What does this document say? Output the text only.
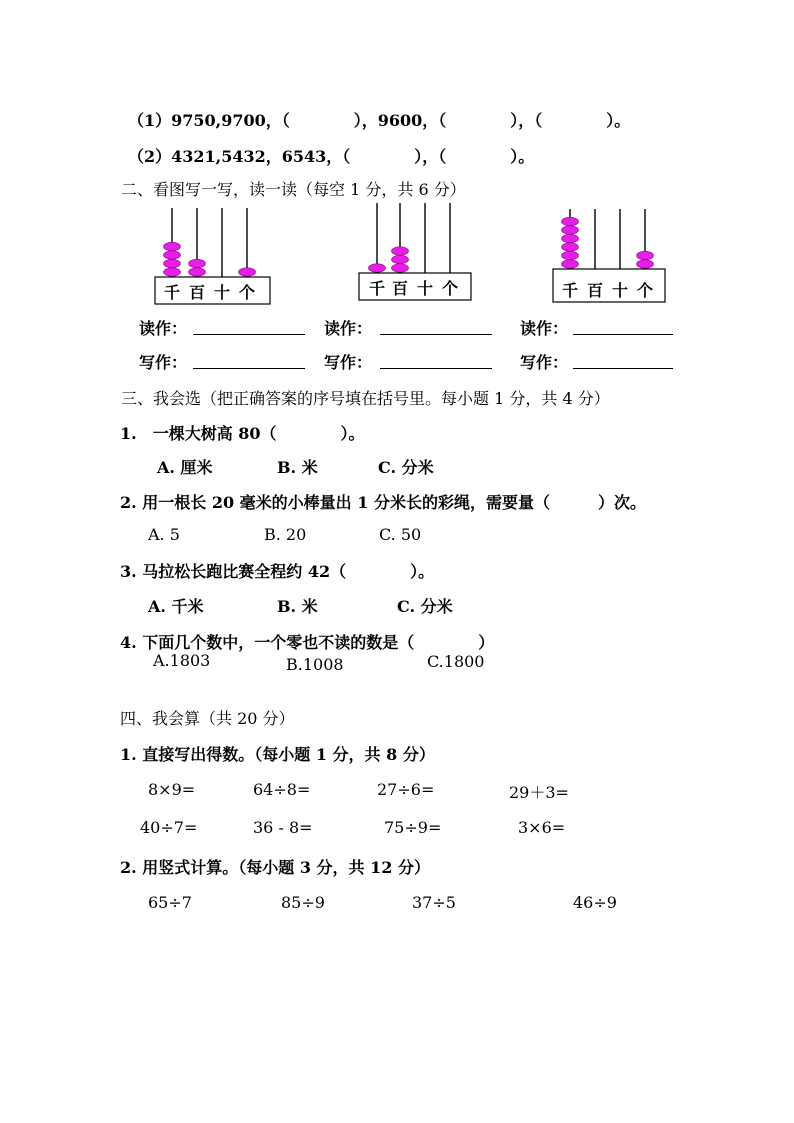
（1）9750,9700，（　　　　），9600，（　　　　），（　　　　）。
（2）4321,5432，6543，（　　　　），（　　　　）。
二、看图写一写，读一读（每空 1 分，共 6 分）
千 百 十 个	千 百 十 个	千 百 十 个
读作：	读作：	读作：
写作：	写作：	写作：
三、我会选（把正确答案的序号填在括号里。每小题 1 分，共 4 分）
1.　一棵大树高 80（　　　　）。
A. 厘米	B. 米	C. 分米
2. 用一根长 20 毫米的小棒量出 1 分米长的彩绳，需要量（　　　）次。
A. 5	B. 20	C. 50
3. 马拉松长跑比赛全程约 42（　　　　）。
A. 千米	B. 米	C. 分米
4. 下面几个数中，一个零也不读的数是（　　　　）
A.1803	B.1008	C.1800
四、我会算（共 20 分）
1. 直接写出得数。（每小题 1 分，共 8 分）
8×9=	64÷8=	27÷6=	29＋3=
40÷7=	36 - 8=	75÷9=	3×6=
2. 用竖式计算。（每小题 3 分，共 12 分）
65÷7	85÷9	37÷5	46÷9
